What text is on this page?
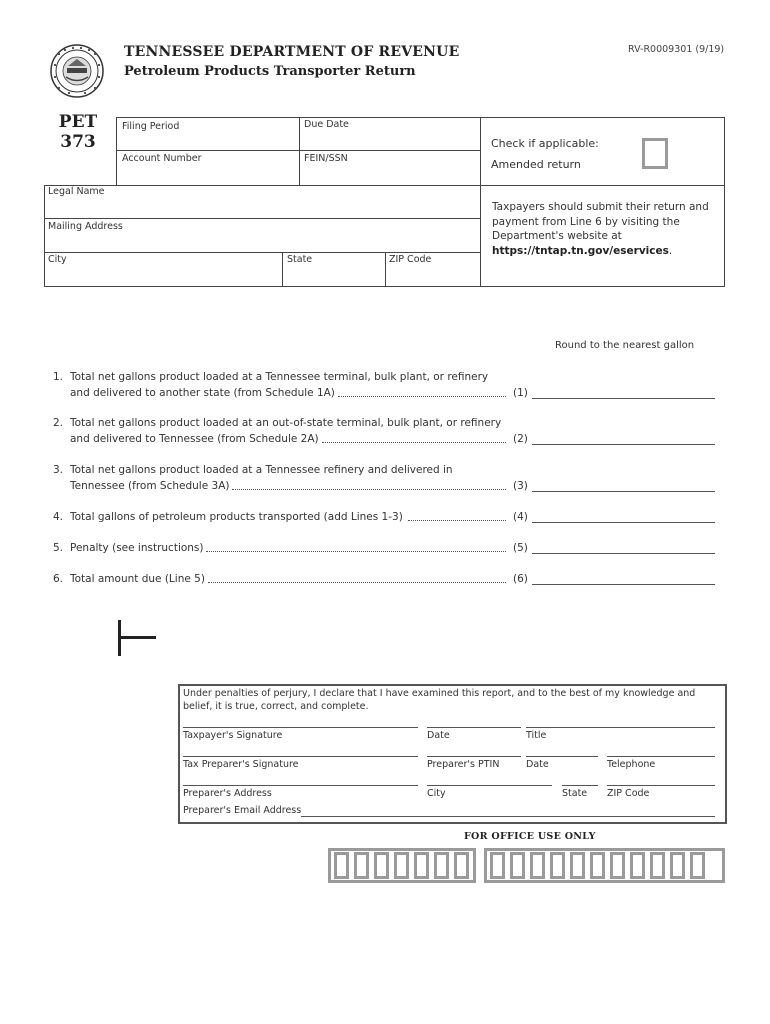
TENNESSEE DEPARTMENT OF REVENUE
Petroleum Products Transporter Return
RV-R0009301 (9/19)
PET
373
Filing Period	Due Date
Account Number	FEIN/SSN
Legal Name
Mailing Address
City	State	ZIP Code
Check if applicable:
Amended return
Taxpayers should submit their return and payment from Line 6 by visiting the Department's website at https://tntap.tn.gov/eservices.
Round to the nearest gallon
1. Total net gallons product loaded at a Tennessee terminal, bulk plant, or refinery
and delivered to another state (from Schedule 1A)	(1)
2. Total net gallons product loaded at an out-of-state terminal, bulk plant, or refinery
and delivered to Tennessee (from Schedule 2A)	(2)
3. Total net gallons product loaded at a Tennessee refinery and delivered in
Tennessee (from Schedule 3A)	(3)
4. Total gallons of petroleum products transported (add Lines 1-3)	(4)
5. Penalty (see instructions)	(5)
6. Total amount due (Line 5)	(6)
Under penalties of perjury, I declare that I have examined this report, and to the best of my knowledge and belief, it is true, correct, and complete.
Taxpayer's Signature	Date	Title
Tax Preparer's Signature	Preparer's PTIN	Date	Telephone
Preparer's Address	City	State ZIP Code
Preparer's Email Address
FOR OFFICE USE ONLY
